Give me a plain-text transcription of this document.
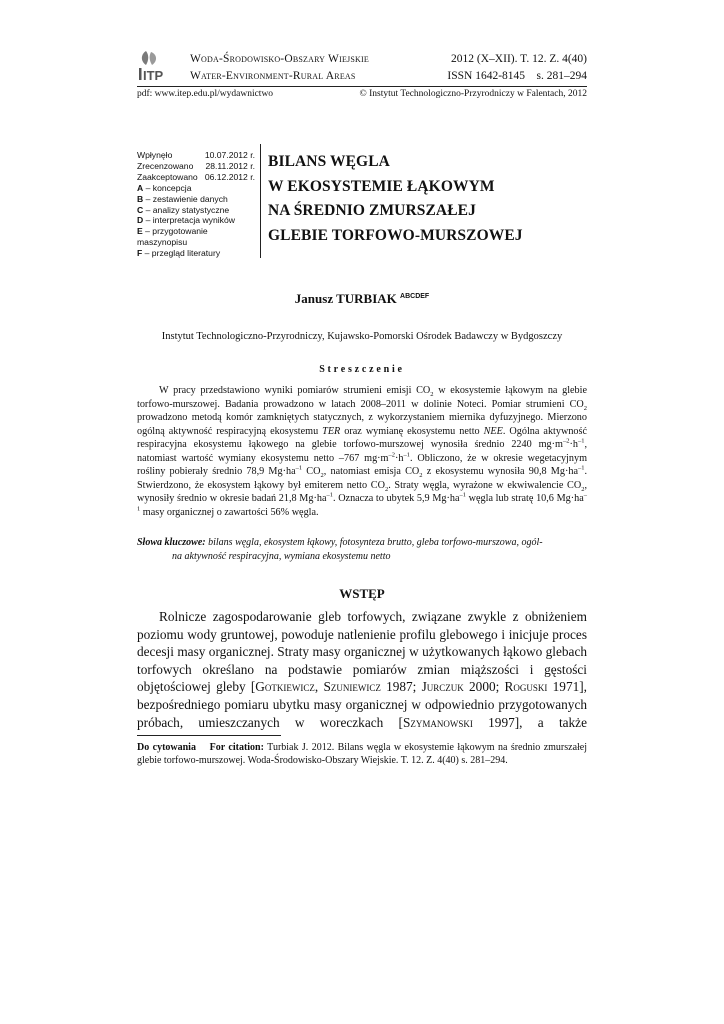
ITP
Woda-Środowisko-Obszary Wiejskie
Water-Environment-Rural Areas
2012 (X–XII). T. 12. Z. 4(40)
ISSN 1642-8145    s. 281–294
pdf: www.itep.edu.pl/wydawnictwo	© Instytut Technologiczno-Przyrodniczy w Falentach, 2012
Wpłynęło	10.07.2012 r.
Zrecenzowano 28.11.2012 r.
Zaakceptowano 06.12.2012 r.
A – koncepcja
B – zestawienie danych
C – analizy statystyczne
D – interpretacja wyników
E – przygotowanie maszynopisu
F – przegląd literatury
BILANS WĘGLA
W EKOSYSTEMIE ŁĄKOWYM
NA ŚREDNIO ZMURSZAŁEJ
GLEBIE TORFOWO-MURSZOWEJ
Janusz TURBIAK $^{ABCDEF}$
Instytut Technologiczno-Przyrodniczy, Kujawsko-Pomorski Ośrodek Badawczy w Bydgoszczy
Streszczenie

W pracy przedstawiono wyniki pomiarów strumieni emisji $CO_2$ w ekosystemie łąkowym na glebie torfowo-murszowej. Badania prowadzono w latach 2008–2011 w dolinie Noteci. Pomiar strumieni $CO_2$ prowadzono metodą komór zamkniętych statycznych, z wykorzystaniem miernika dyfuzyjnego. Mierzono ogólną aktywność respiracyjną ekosystemu TER oraz wymianę ekosystemu netto NEE. Ogólna aktywność respiracyjna ekosystemu łąkowego na glebie torfowo-murszowej wynosiła średnio 2240 $mg\cdot m^{-2}\cdot h^{-1}$, natomiast wartość wymiany ekosystemu netto –767 $mg\cdot m^{-2}\cdot h^{-1}$. Obliczono, że w okresie wegetacyjnym rośliny pobierały średnio 78,9 $Mg\cdot ha^{-1}$ $CO_2$, natomiast emisja $CO_2$ z ekosystemu wynosiła 90,8 $Mg\cdot ha^{-1}$. Stwierdzono, że ekosystem łąkowy był emiterem netto $CO_2$. Straty węgla, wyrażone w ekwiwalencie $CO_2$, wynosiły średnio w okresie badań 21,8 $Mg\cdot ha^{-1}$. Oznacza to ubytek 5,9 $Mg\cdot ha^{-1}$ węgla lub stratę 10,6 $Mg\cdot ha^{-1}$ masy organicznej o zawartości 56% węgla.

Słowa kluczowe: bilans węgla, ekosystem łąkowy, fotosynteza brutto, gleba torfowo-murszowa, ogól-
na aktywność respiracyjna, wymiana ekosystemu netto
WSTĘP

Rolnicze zagospodarowanie gleb torfowych, związane zwykle z obniżeniem poziomu wody gruntowej, powoduje natlenienie profilu glebowego i inicjuje proces decesji masy organicznej. Straty masy organicznej w użytkowanych łąkowo glebach torfowych określano na podstawie pomiarów zmian miąższości i gęstości objętościowej gleby [Gotkiewicz, Szuniewicz 1987; Jurczuk 2000; Roguski 1971], bezpośredniego pomiaru ubytku masy organicznej w odpowiednio przygotowanych próbach, umieszczanych w woreczkach [Szymanowski 1997], a także

Do cytowania    For citation: Turbiak J. 2012. Bilans węgla w ekosystemie łąkowym na średnio zmurszałej glebie torfowo-murszowej. Woda-Środowisko-Obszary Wiejskie. T. 12. Z. 4(40) s. 281–294.
